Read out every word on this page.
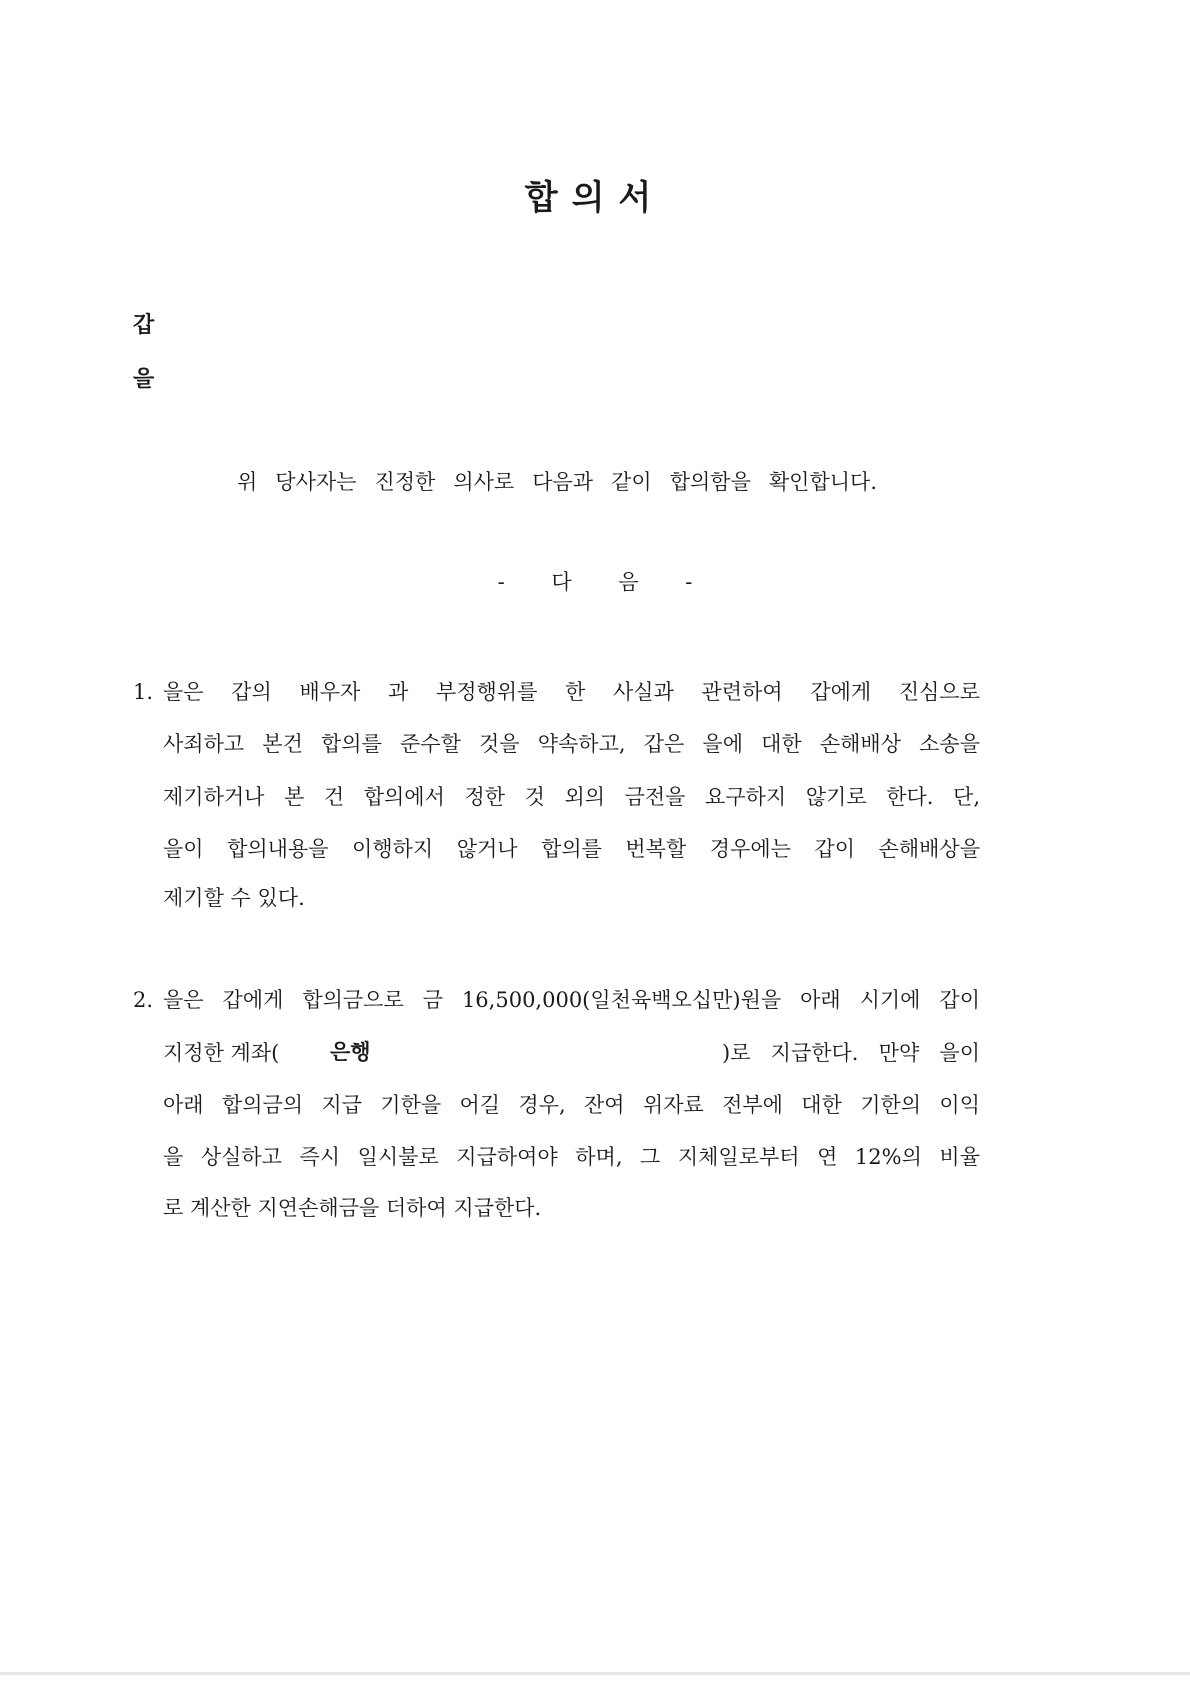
합의서
갑
을
위 당사자는 진정한 의사로 다음과 같이 합의함을 확인합니다.
- 다 음 -
1. 을은 갑의 배우자 과 부정행위를 한 사실과 관련하여 갑에게 진심으로
사죄하고 본건 합의를 준수할 것을 약속하고, 갑은 을에 대한 손해배상 소송을
제기하거나 본 건 합의에서 정한 것 외의 금전을 요구하지 않기로 한다. 단,
을이 합의내용을 이행하지 않거나 합의를 번복할 경우에는 갑이 손해배상을
제기할 수 있다.
2. 을은 갑에게 합의금으로 금 16,500,000(일천육백오십만)원을 아래 시기에 갑이
지정한 계좌( 은행	)로 지급한다. 만약 을이
아래 합의금의 지급 기한을 어길 경우, 잔여 위자료 전부에 대한 기한의 이익
을 상실하고 즉시 일시불로 지급하여야 하며, 그 지체일로부터 연 12%의 비율
로 계산한 지연손해금을 더하여 지급한다.
